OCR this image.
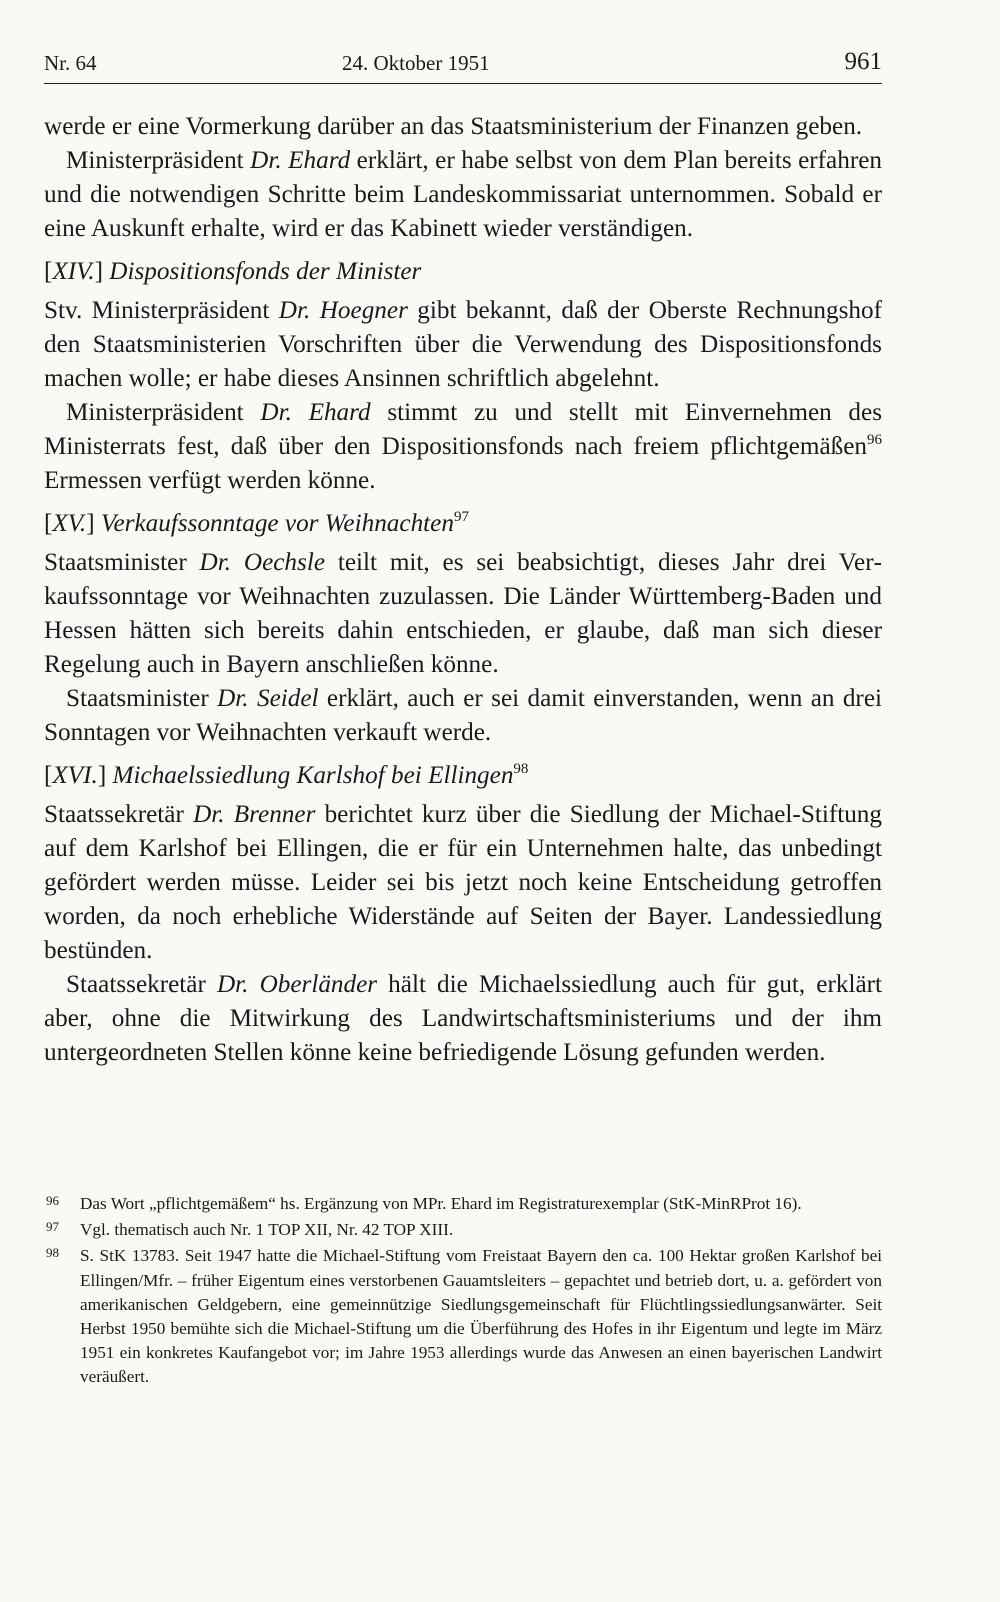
Nr. 64	24. Oktober 1951	961

werde er eine Vormerkung darüber an das Staatsministerium der Finanzen geben.

Ministerpräsident Dr. Ehard erklärt, er habe selbst von dem Plan bereits erfahren und die notwendigen Schritte beim Landeskommissariat unternommen. Sobald er eine Auskunft erhalte, wird er das Kabinett wieder verständigen.

[XIV.] Dispositionsfonds der Minister

Stv. Ministerpräsident Dr. Hoegner gibt bekannt, daß der Oberste Rechnungshof den Staatsministerien Vorschriften über die Verwendung des Dispositionsfonds machen wolle; er habe dieses Ansinnen schriftlich abgelehnt.

Ministerpräsident Dr. Ehard stimmt zu und stellt mit Einvernehmen des Ministerrats fest, daß über den Dispositionsfonds nach freiem pflichtgemäßen$^{96}$ Ermessen verfügt werden könne.

[XV.] Verkaufssonntage vor Weihnachten$^{97}$

Staatsminister Dr. Oechsle teilt mit, es sei beabsichtigt, dieses Jahr drei Verkaufssonntage vor Weihnachten zuzulassen. Die Länder Württemberg-Baden und Hessen hätten sich bereits dahin entschieden, er glaube, daß man sich dieser Regelung auch in Bayern anschließen könne.

Staatsminister Dr. Seidel erklärt, auch er sei damit einverstanden, wenn an drei Sonntagen vor Weihnachten verkauft werde.

[XVI.] Michaelssiedlung Karlshof bei Ellingen$^{98}$

Staatssekretär Dr. Brenner berichtet kurz über die Siedlung der Michael-Stiftung auf dem Karlshof bei Ellingen, die er für ein Unternehmen halte, das unbedingt gefördert werden müsse. Leider sei bis jetzt noch keine Entscheidung getroffen worden, da noch erhebliche Widerstände auf Seiten der Bayer. Landessiedlung bestünden.

Staatssekretär Dr. Oberländer hält die Michaelssiedlung auch für gut, erklärt aber, ohne die Mitwirkung des Landwirtschaftsministeriums und der ihm untergeordneten Stellen könne keine befriedigende Lösung gefunden werden.

96 Das Wort „pflichtgemäßem“ hs. Ergänzung von MPr. Ehard im Registraturexemplar (StK-MinRProt 16).

97 Vgl. thematisch auch Nr. 1 TOP XII, Nr. 42 TOP XIII.

98 S. StK 13783. Seit 1947 hatte die Michael-Stiftung vom Freistaat Bayern den ca. 100 Hektar großen Karlshof bei Ellingen/Mfr. – früher Eigentum eines verstorbenen Gauamtsleiters – gepachtet und betrieb dort, u. a. gefördert von amerikanischen Geldgebern, eine gemeinnützige Siedlungsgemeinschaft für Flüchtlingssiedlungsanwärter. Seit Herbst 1950 bemühte sich die Michael-Stiftung um die Überführung des Hofes in ihr Eigentum und legte im März 1951 ein konkretes Kaufangebot vor; im Jahre 1953 allerdings wurde das Anwesen an einen bayerischen Landwirt veräußert.
